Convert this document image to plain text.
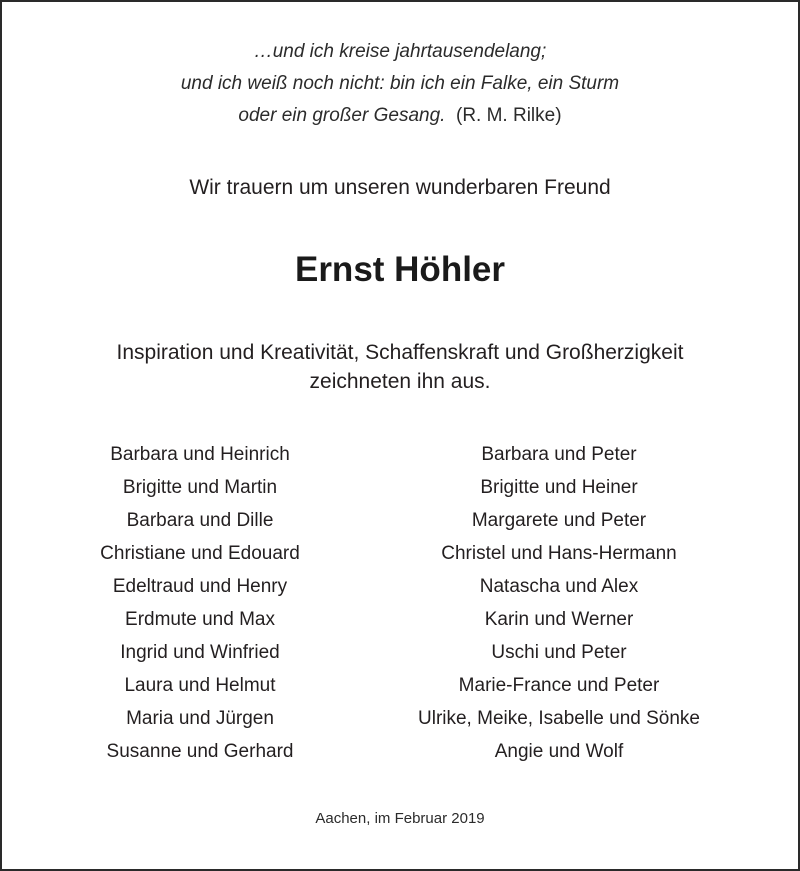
…und ich kreise jahrtausendelang;
und ich weiß noch nicht: bin ich ein Falke, ein Sturm
oder ein großer Gesang. (R. M. Rilke)
Wir trauern um unseren wunderbaren Freund
Ernst Höhler
Inspiration und Kreativität, Schaffenskraft und Großherzigkeit
zeichneten ihn aus.
Barbara und Heinrich
Brigitte und Martin
Barbara und Dille
Christiane und Edouard
Edeltraud und Henry
Erdmute und Max
Ingrid und Winfried
Laura und Helmut
Maria und Jürgen
Susanne und Gerhard
Barbara und Peter
Brigitte und Heiner
Margarete und Peter
Christel und Hans-Hermann
Natascha und Alex
Karin und Werner
Uschi und Peter
Marie-France und Peter
Ulrike, Meike, Isabelle und Sönke
Angie und Wolf
Aachen, im Februar 2019
